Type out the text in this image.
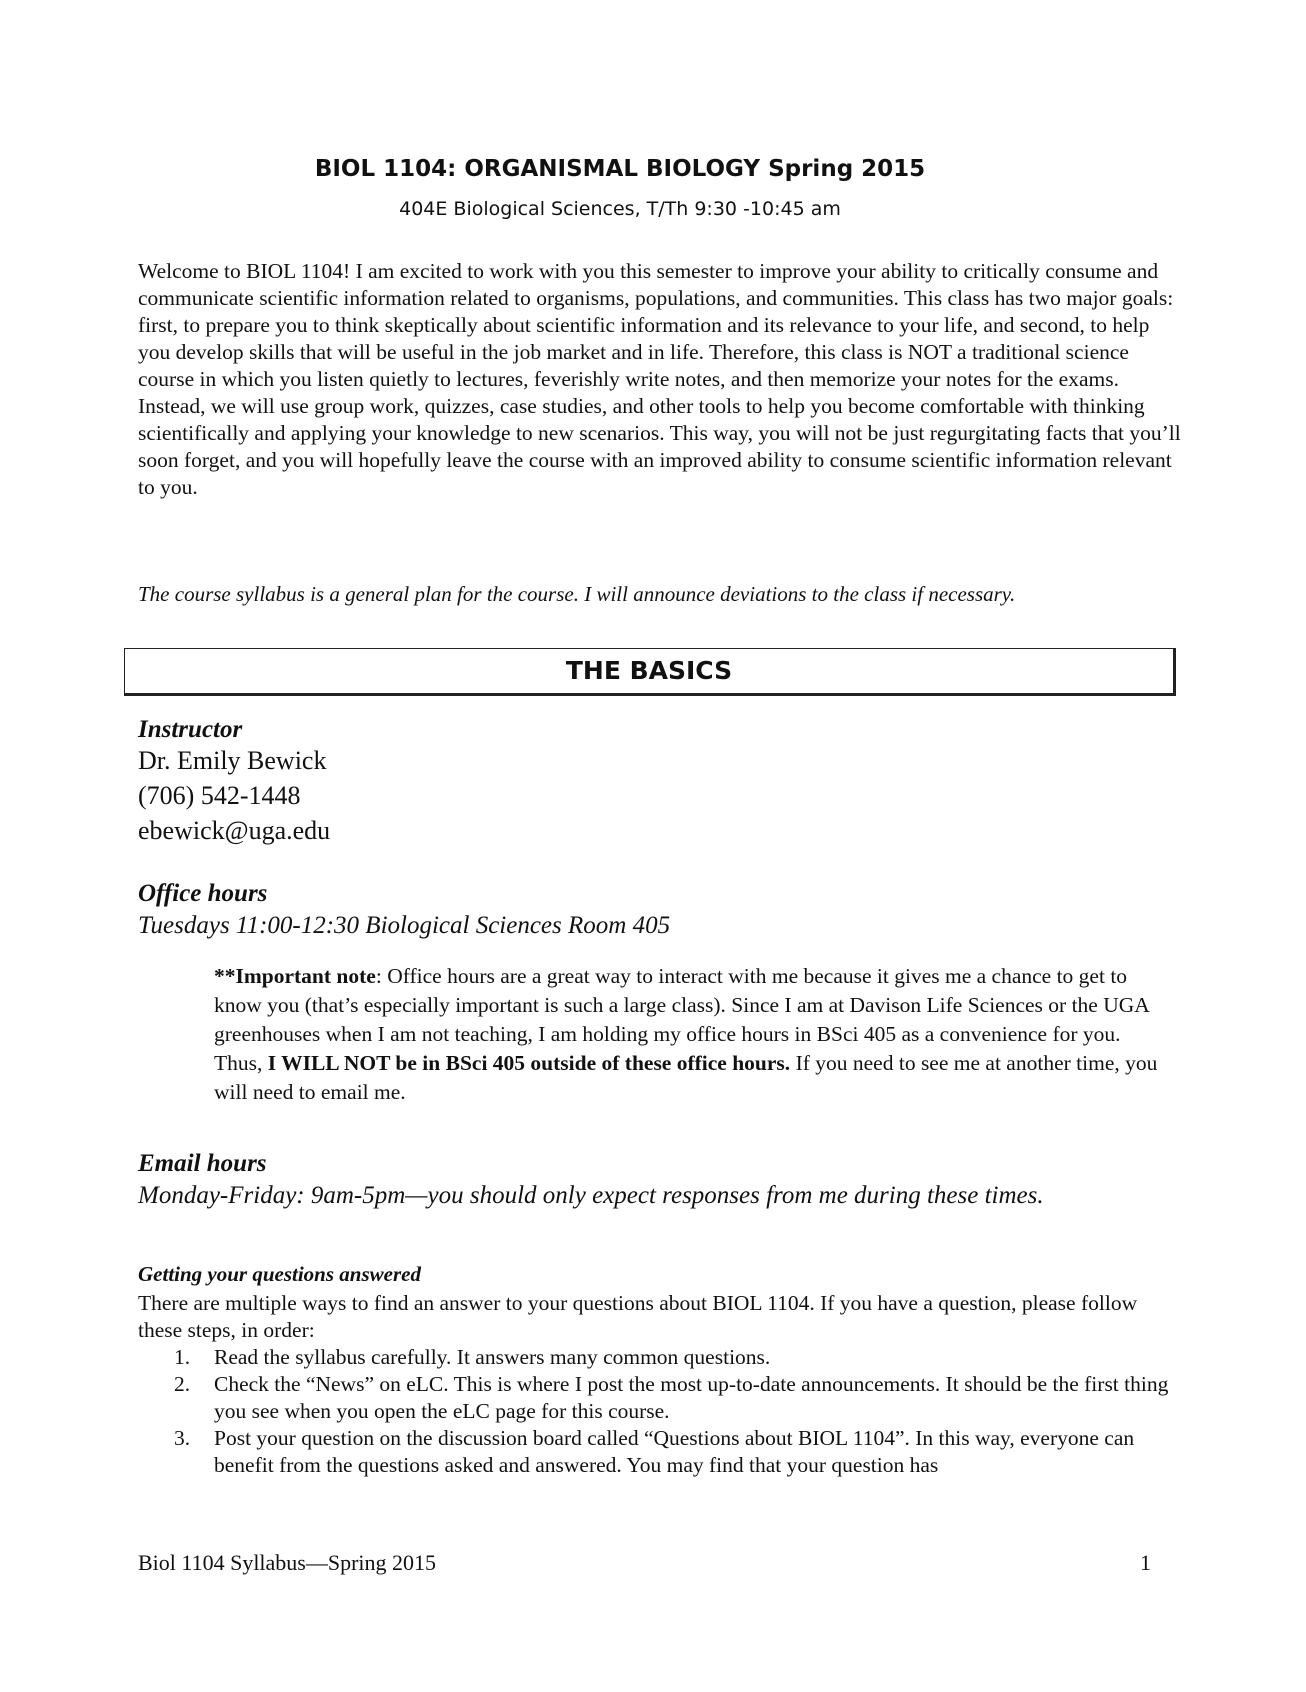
BIOL 1104: ORGANISMAL BIOLOGY Spring 2015
404E Biological Sciences, T/Th 9:30 -10:45 am

Welcome to BIOL 1104! I am excited to work with you this semester to improve your ability to critically consume and communicate scientific information related to organisms, populations, and communities. This class has two major goals: first, to prepare you to think skeptically about scientific information and its relevance to your life, and second, to help you develop skills that will be useful in the job market and in life. Therefore, this class is NOT a traditional science course in which you listen quietly to lectures, feverishly write notes, and then memorize your notes for the exams. Instead, we will use group work, quizzes, case studies, and other tools to help you become comfortable with thinking scientifically and applying your knowledge to new scenarios. This way, you will not be just regurgitating facts that you’ll soon forget, and you will hopefully leave the course with an improved ability to consume scientific information relevant to you.

The course syllabus is a general plan for the course. I will announce deviations to the class if necessary.

THE BASICS

Instructor

Dr. Emily Bewick

(706) 542-1448

ebewick@uga.edu

Office hours

Tuesdays 11:00-12:30 Biological Sciences Room 405

**Important note: Office hours are a great way to interact with me because it gives me a chance to get to know you (that’s especially important is such a large class). Since I am at Davison Life Sciences or the UGA greenhouses when I am not teaching, I am holding my office hours in BSci 405 as a convenience for you.

Thus, I WILL NOT be in BSci 405 outside of these office hours. If you need to see me at another time, you will need to email me.

Email hours

Monday-Friday: 9am-5pm—you should only expect responses from me during these times.

Getting your questions answered

There are multiple ways to find an answer to your questions about BIOL 1104. If you have a question, please follow these steps, in order:

1. Read the syllabus carefully. It answers many common questions.
2. Check the “News” on eLC. This is where I post the most up-to-date announcements. It should be the first thing you see when you open the eLC page for this course.
3. Post your question on the discussion board called “Questions about BIOL 1104”. In this way, everyone can benefit from the questions asked and answered. You may find that your question has
Biol 1104 Syllabus—Spring 2015	1
